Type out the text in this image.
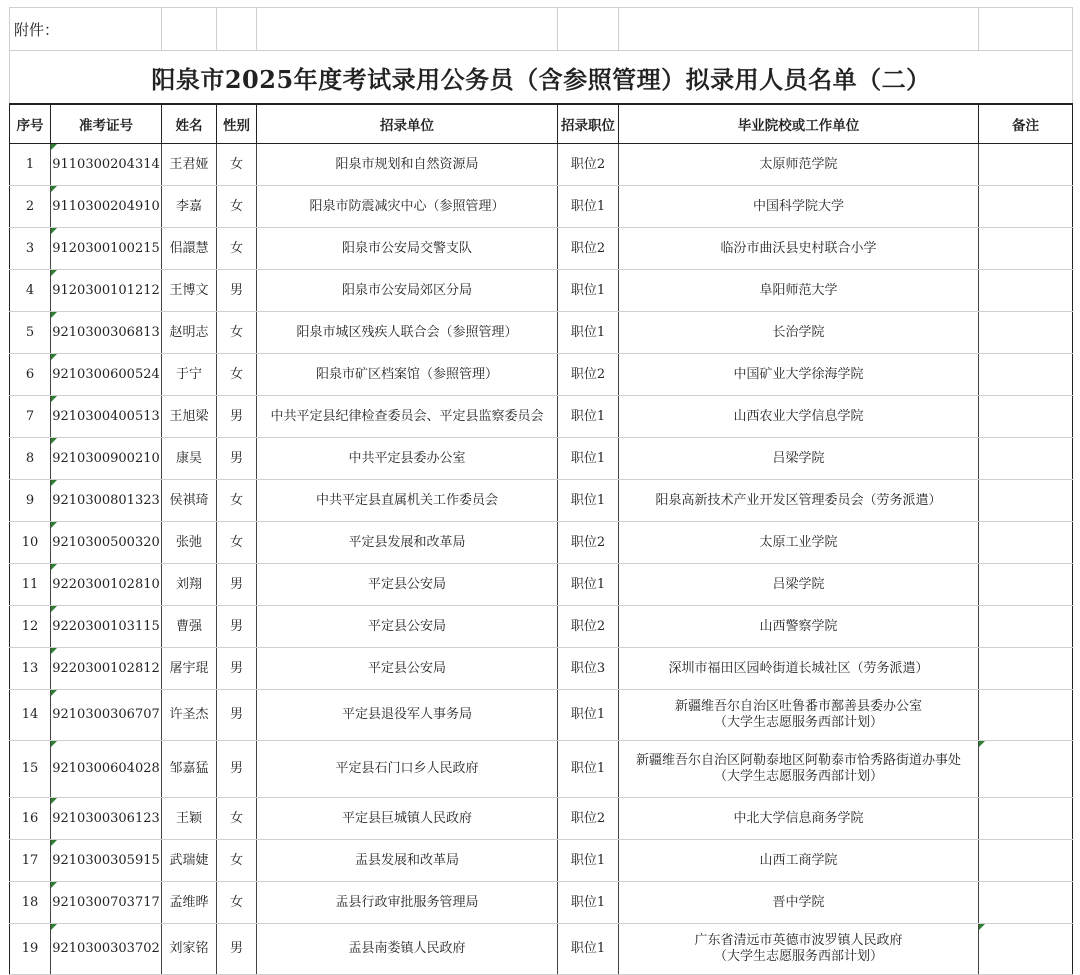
附件：							
阳泉市2025年度考试录用公务员（含参照管理）拟录用人员名单（二）							
序号	准考证号	姓名	性别	招录单位	招录职位	毕业院校或工作单位	备注
1	9110300204314	王君娅	女	阳泉市规划和自然资源局	职位2	太原师范学院	

2	9110300204910	李嘉	女	阳泉市防震减灾中心（参照管理）	职位1	中国科学院大学	

3	9120300100215	佀譞慧	女	阳泉市公安局交警支队	职位2	临汾市曲沃县史村联合小学	

4	9120300101212	王博文	男	阳泉市公安局郊区分局	职位1	阜阳师范大学	

5	9210300306813	赵明志	女	阳泉市城区残疾人联合会（参照管理）	职位1	长治学院	

6	9210300600524	于宁	女	阳泉市矿区档案馆（参照管理）	职位2	中国矿业大学徐海学院	

7	9210300400513	王旭梁	男	中共平定县纪律检查委员会、平定县监察委员会	职位1	山西农业大学信息学院	

8	9210300900210	康昊	男	中共平定县委办公室	职位1	吕梁学院	

9	9210300801323	侯祺琦	女	中共平定县直属机关工作委员会	职位1	阳泉高新技术产业开发区管理委员会（劳务派遣）	

10	9210300500320	张弛	女	平定县发展和改革局	职位2	太原工业学院	

11	9220300102810	刘翔	男	平定县公安局	职位1	吕梁学院	

12	9220300103115	曹强	男	平定县公安局	职位2	山西警察学院	

13	9220300102812	屠宇琨	男	平定县公安局	职位3	深圳市福田区园岭街道长城社区（劳务派遣）	

14	9210300306707	许圣杰	男	平定县退役军人事务局	职位1	新疆维吾尔自治区吐鲁番市鄯善县委办公室
（大学生志愿服务西部计划）	

15	9210300604028	邹嘉猛	男	平定县石门口乡人民政府	职位1	新疆维吾尔自治区阿勒泰地区阿勒泰市恰秀路街道办事处
（大学生志愿服务西部计划）	

16	9210300306123	王颖	女	平定县巨城镇人民政府	职位2	中北大学信息商务学院	

17	9210300305915	武瑞婕	女	盂县发展和改革局	职位1	山西工商学院	

18	9210300703717	孟维晔	女	盂县行政审批服务管理局	职位1	晋中学院	

19	9210300303702	刘家铭	男	盂县南娄镇人民政府	职位1	广东省清远市英德市波罗镇人民政府
（大学生志愿服务西部计划）	
